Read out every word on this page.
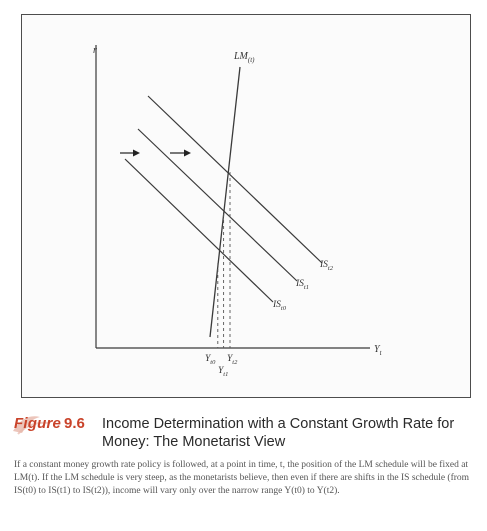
r
$Y_t$
$LM_{(t)}$
$IS_{t2}$
$IS_{t1}$
$IS_{t0}$
$Y_{t0}$ $Y_{t2}$
$Y_{t1}$
Figure 9.6 Income Determination with a Constant Growth Rate for Money: The Monetarist View
If a constant money growth rate policy is followed, at a point in time, t, the position of the LM schedule will be fixed at LM(t). If the LM schedule is very steep, as the monetarists believe, then even if there are shifts in the IS schedule (from IS(t0) to IS(t1) to IS(t2)), income will vary only over the narrow range Y(t0) to Y(t2).
